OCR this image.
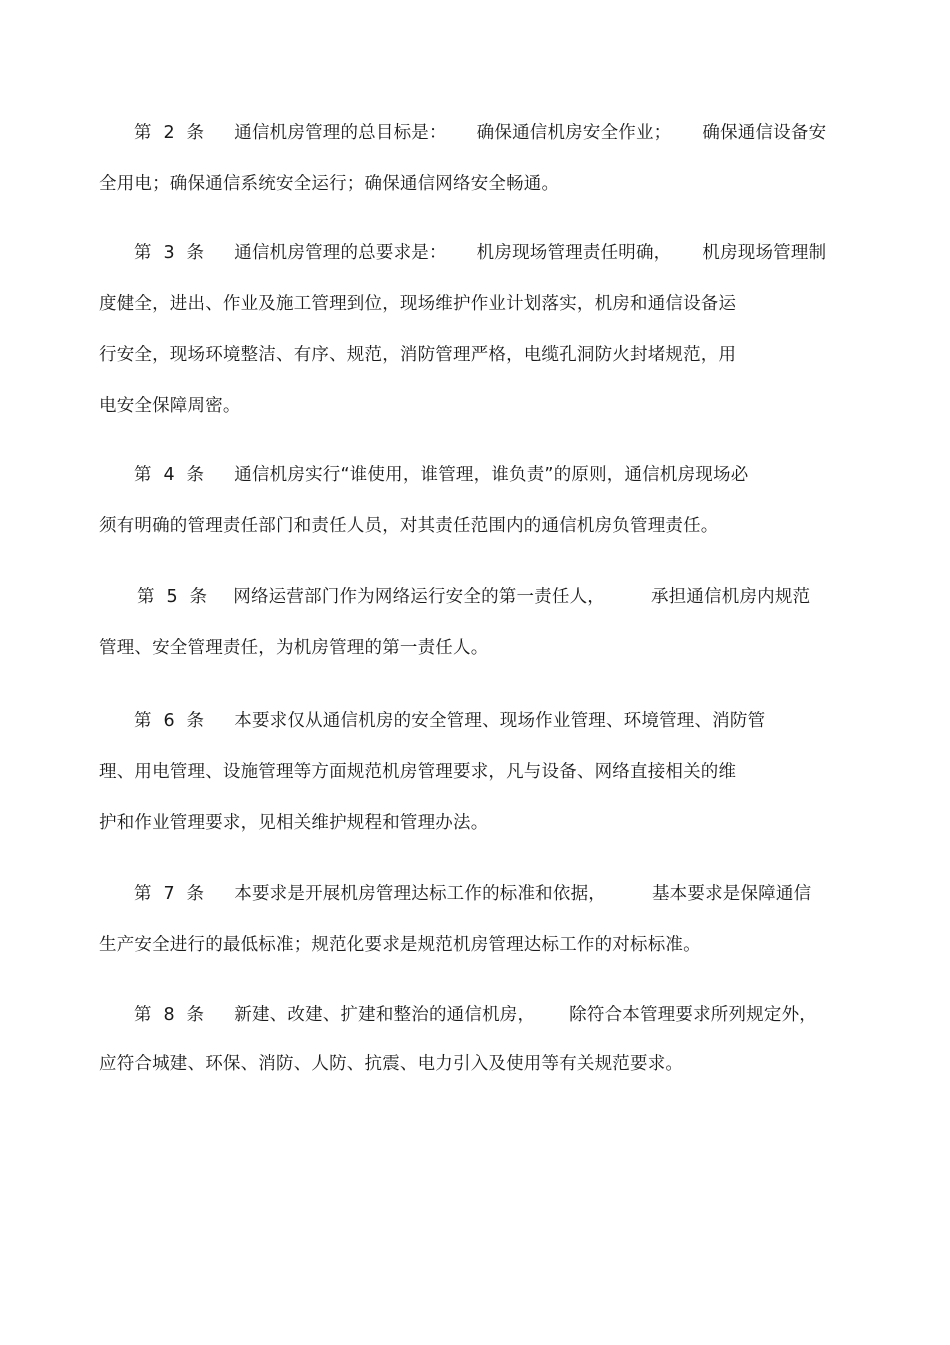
第 2 条 通信机房管理的总目标是： 确保通信机房安全作业； 确保通信设备安
全用电；确保通信系统安全运行；确保通信网络安全畅通。
第 3 条 通信机房管理的总要求是： 机房现场管理责任明确， 机房现场管理制
度健全，进出、作业及施工管理到位，现场维护作业计划落实，机房和通信设备运
行安全，现场环境整洁、有序、规范，消防管理严格，电缆孔洞防火封堵规范，用
电安全保障周密。
第 4 条 通信机房实行“谁使用，谁管理，谁负责”的原则，通信机房现场必
须有明确的管理责任部门和责任人员，对其责任范围内的通信机房负管理责任。
第 5 条 网络运营部门作为网络运行安全的第一责任人，	承担通信机房内规范
管理、安全管理责任，为机房管理的第一责任人。
第 6 条 本要求仅从通信机房的安全管理、现场作业管理、环境管理、消防管
理、用电管理、设施管理等方面规范机房管理要求，凡与设备、网络直接相关的维
护和作业管理要求，见相关维护规程和管理办法。
第 7 条 本要求是开展机房管理达标工作的标准和依据，	基本要求是保障通信
生产安全进行的最低标准；规范化要求是规范机房管理达标工作的对标标准。
第 8 条 新建、改建、扩建和整治的通信机房， 除符合本管理要求所列规定外，
应符合城建、环保、消防、人防、抗震、电力引入及使用等有关规范要求。
